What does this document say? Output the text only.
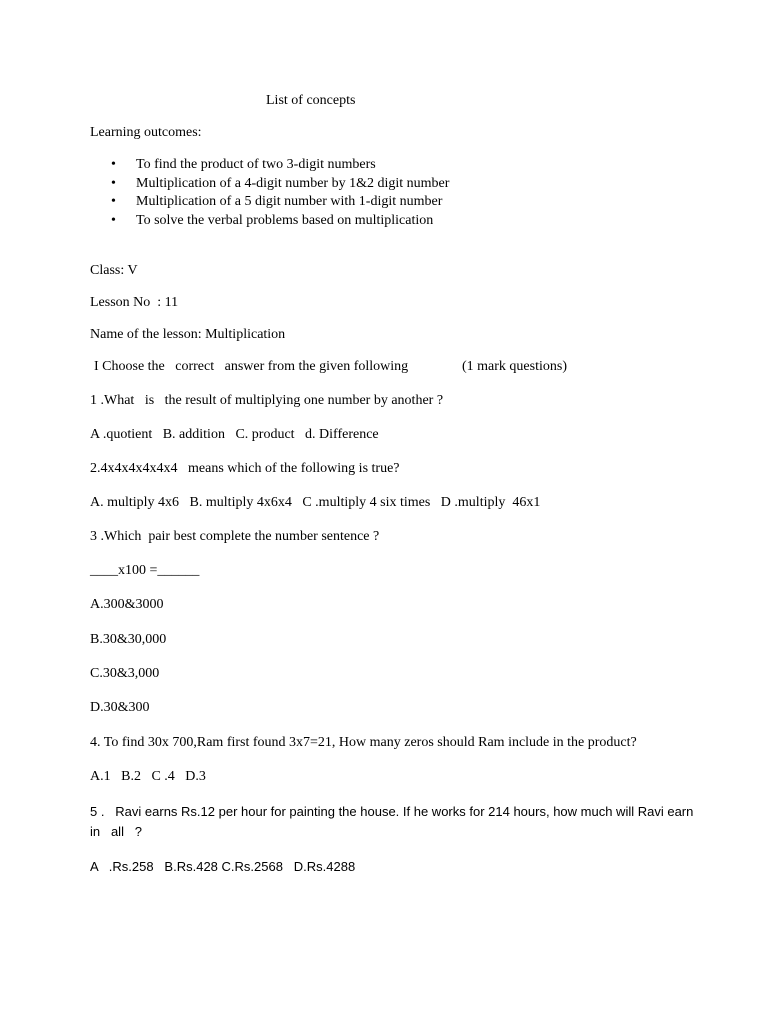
List of concepts
Learning outcomes:
• To find the product of two 3-digit numbers
• Multiplication of a 4-digit number by 1&2 digit number
• Multiplication of a 5 digit number with 1-digit number
• To solve the verbal problems based on multiplication
Class: V
Lesson No  : 11
Name of the lesson: Multiplication
I Choose the   correct   answer from the given following	(1 mark questions)
1 .What   is   the result of multiplying one number by another ?
A .quotient   B. addition   C. product   d. Difference
2.4x4x4x4x4x4   means which of the following is true?
A. multiply 4x6   B. multiply 4x6x4   C .multiply 4 six times   D .multiply  46x1
3 .Which  pair best complete the number sentence ?
____x100 =______
A.300&3000
B.30&30,000
C.30&3,000
D.30&300
4. To find 30x 700,Ram first found 3x7=21, How many zeros should Ram include in the product?
A.1   B.2   C .4   D.3
5 .   Ravi earns Rs.12 per hour for painting the house. If he works for 214 hours, how much will Ravi earn
in   all   ?
A   .Rs.258   B.Rs.428 C.Rs.2568   D.Rs.4288
